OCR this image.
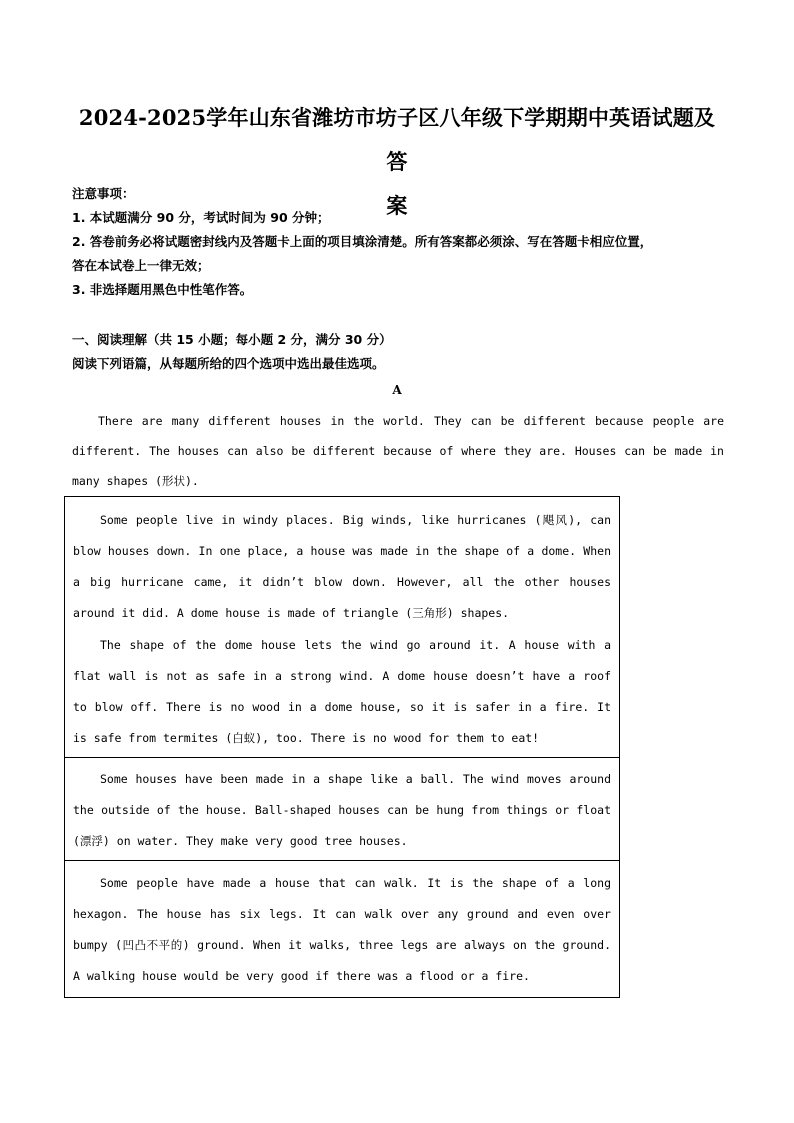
2024-2025学年山东省潍坊市坊子区八年级下学期期中英语试题及答
案
注意事项：
1. 本试题满分 90 分，考试时间为 90 分钟；
2. 答卷前务必将试题密封线内及答题卡上面的项目填涂清楚。所有答案都必须涂、写在答题卡相应位置，
答在本试卷上一律无效；
3. 非选择题用黑色中性笔作答。
一、阅读理解（共 15 小题；每小题 2 分，满分 30 分）
阅读下列语篇，从每题所给的四个选项中选出最佳选项。
A
There are many different houses in the world. They can be different because people are different. The houses can also be different because of where they are. Houses can be made in many shapes (形状).

Some people live in windy places. Big winds, like hurricanes (飓风), can blow houses down. In one place, a house was made in the shape of a dome. When a big hurricane came, it didn’t blow down. However, all the other houses around it did. A dome house is made of triangle (三角形) shapes.

The shape of the dome house lets the wind go around it. A house with a flat wall is not as safe in a strong wind. A dome house doesn’t have a roof to blow off. There is no wood in a dome house, so it is safer in a fire. It is safe from termites (白蚁), too. There is no wood for them to eat!

Some houses have been made in a shape like a ball. The wind moves around the outside of the house. Ball-shaped houses can be hung from things or float (漂浮) on water. They make very good tree houses.

Some people have made a house that can walk. It is the shape of a long hexagon. The house has six legs. It can walk over any ground and even over bumpy (凹凸不平的) ground. When it walks, three legs are always on the ground. A walking house would be very good if there was a flood or a fire.
